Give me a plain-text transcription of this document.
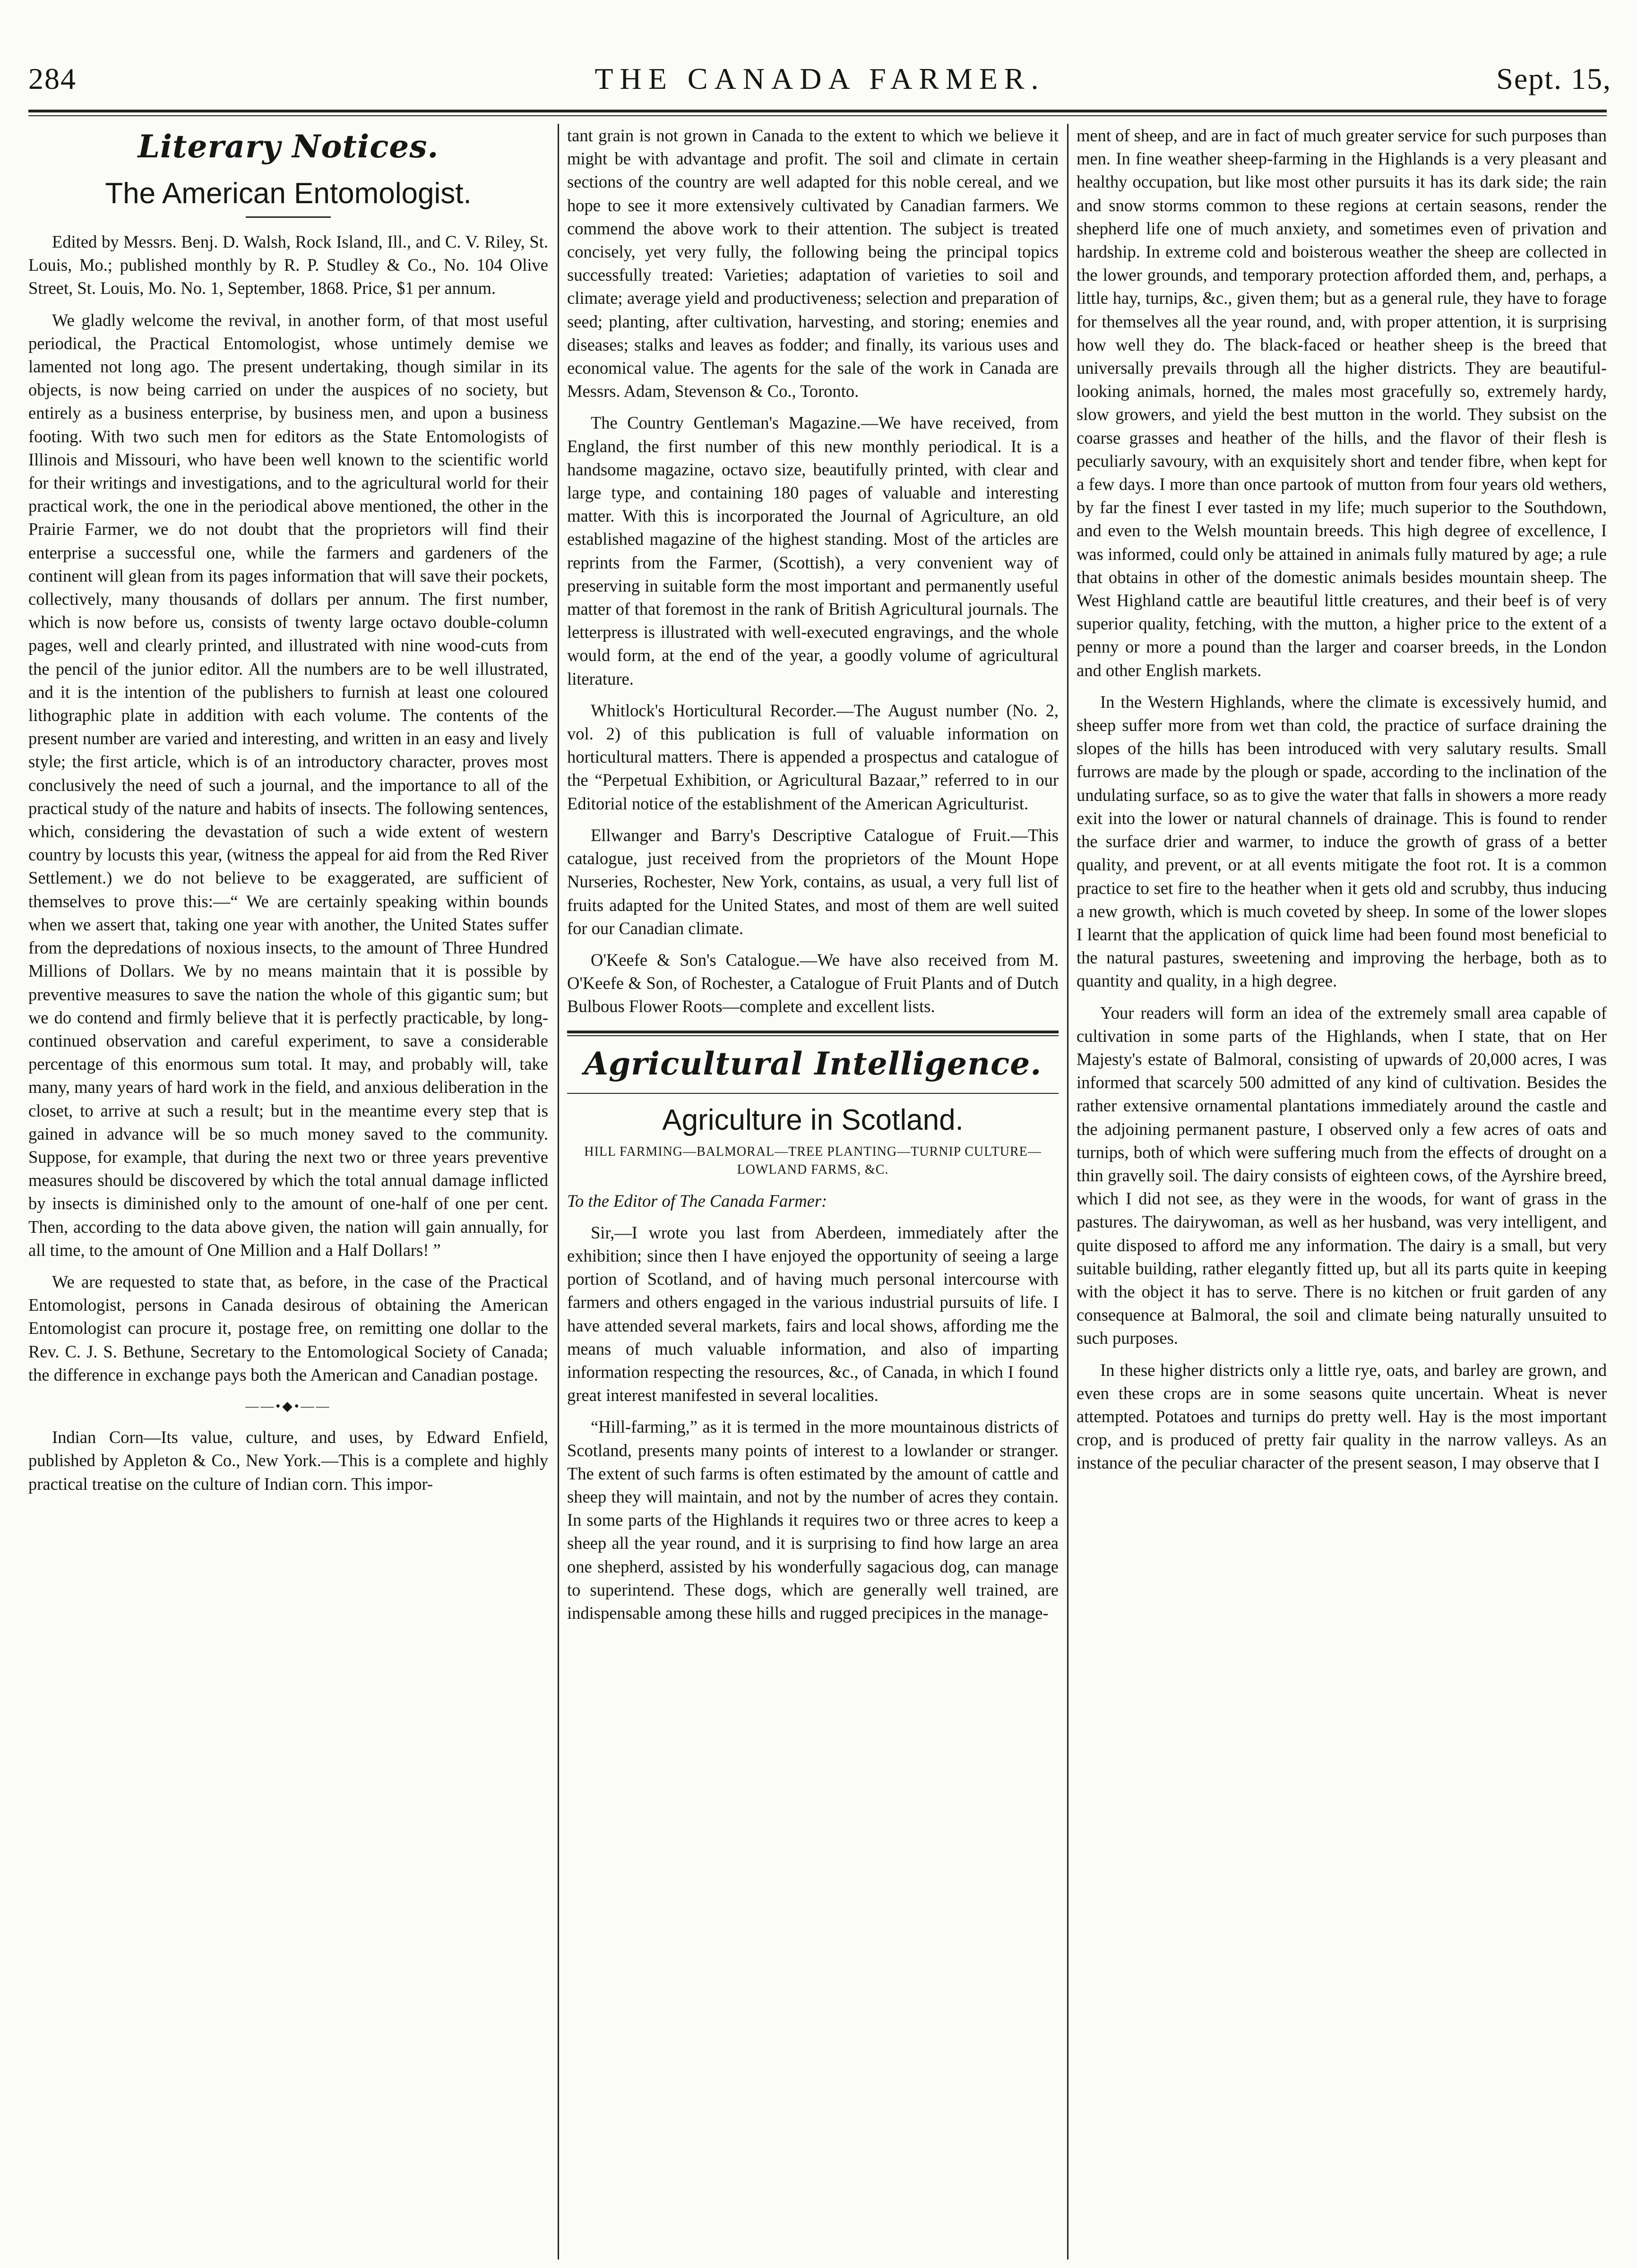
284	THE CANADA FARMER.	Sept. 15,
Literary Notices.
The American Entomologist.

Edited by Messrs. Benj. D. Walsh, Rock Island, Ill., and C. V. Riley, St. Louis, Mo.; published monthly by R. P. Studley & Co., No. 104 Olive Street, St. Louis, Mo. No. 1, September, 1868. Price, $1 per annum.

We gladly welcome the revival, in another form, of that most useful periodical, the Practical Entomologist, whose untimely demise we lamented not long ago. The present undertaking, though similar in its objects, is now being carried on under the auspices of no society, but entirely as a business enterprise, by business men, and upon a business footing. With two such men for editors as the State Entomologists of Illinois and Missouri, who have been well known to the scientific world for their writings and investigations, and to the agricultural world for their practical work, the one in the periodical above mentioned, the other in the Prairie Farmer, we do not doubt that the proprietors will find their enterprise a successful one, while the farmers and gardeners of the continent will glean from its pages information that will save their pockets, collectively, many thousands of dollars per annum. The first number, which is now before us, consists of twenty large octavo double-column pages, well and clearly printed, and illustrated with nine wood-cuts from the pencil of the junior editor. All the numbers are to be well illustrated, and it is the intention of the publishers to furnish at least one coloured lithographic plate in addition with each volume. The contents of the present number are varied and interesting, and written in an easy and lively style; the first article, which is of an introductory character, proves most conclusively the need of such a journal, and the importance to all of the practical study of the nature and habits of insects. The following sentences, which, considering the devastation of such a wide extent of western country by locusts this year, (witness the appeal for aid from the Red River Settlement.) we do not believe to be exaggerated, are sufficient of themselves to prove this:—“ We are certainly speaking within bounds when we assert that, taking one year with another, the United States suffer from the depredations of noxious insects, to the amount of Three Hundred Millions of Dollars. We by no means maintain that it is possible by preventive measures to save the nation the whole of this gigantic sum; but we do contend and firmly believe that it is perfectly practicable, by long-continued observation and careful experiment, to save a considerable percentage of this enormous sum total. It may, and probably will, take many, many years of hard work in the field, and anxious deliberation in the closet, to arrive at such a result; but in the meantime every step that is gained in advance will be so much money saved to the community. Suppose, for example, that during the next two or three years preventive measures should be discovered by which the total annual damage inflicted by insects is diminished only to the amount of one-half of one per cent. Then, according to the data above given, the nation will gain annually, for all time, to the amount of One Million and a Half Dollars! ”

We are requested to state that, as before, in the case of the Practical Entomologist, persons in Canada desirous of obtaining the American Entomologist can procure it, postage free, on remitting one dollar to the Rev. C. J. S. Bethune, Secretary to the Entomological Society of Canada; the difference in exchange pays both the American and Canadian postage.

——•◆•——

Indian Corn—Its value, culture, and uses, by Edward Enfield, published by Appleton & Co., New York.—This is a complete and highly practical treatise on the culture of Indian corn. This impor-

tant grain is not grown in Canada to the extent to which we believe it might be with advantage and profit. The soil and climate in certain sections of the country are well adapted for this noble cereal, and we hope to see it more extensively cultivated by Canadian farmers. We commend the above work to their attention. The subject is treated concisely, yet very fully, the following being the principal topics successfully treated: Varieties; adaptation of varieties to soil and climate; average yield and productiveness; selection and preparation of seed; planting, after cultivation, harvesting, and storing; enemies and diseases; stalks and leaves as fodder; and finally, its various uses and economical value. The agents for the sale of the work in Canada are Messrs. Adam, Stevenson & Co., Toronto.

The Country Gentleman's Magazine.—We have received, from England, the first number of this new monthly periodical. It is a handsome magazine, octavo size, beautifully printed, with clear and large type, and containing 180 pages of valuable and interesting matter. With this is incorporated the Journal of Agriculture, an old established magazine of the highest standing. Most of the articles are reprints from the Farmer, (Scottish), a very convenient way of preserving in suitable form the most important and permanently useful matter of that foremost in the rank of British Agricultural journals. The letterpress is illustrated with well-executed engravings, and the whole would form, at the end of the year, a goodly volume of agricultural literature.

Whitlock's Horticultural Recorder.—The August number (No. 2, vol. 2) of this publication is full of valuable information on horticultural matters. There is appended a prospectus and catalogue of the “Perpetual Exhibition, or Agricultural Bazaar,” referred to in our Editorial notice of the establishment of the American Agriculturist.

Ellwanger and Barry's Descriptive Catalogue of Fruit.—This catalogue, just received from the proprietors of the Mount Hope Nurseries, Rochester, New York, contains, as usual, a very full list of fruits adapted for the United States, and most of them are well suited for our Canadian climate.

O'Keefe & Son's Catalogue.—We have also received from M. O'Keefe & Son, of Rochester, a Catalogue of Fruit Plants and of Dutch Bulbous Flower Roots—complete and excellent lists.

Agricultural Intelligence.
Agriculture in Scotland.
HILL FARMING—BALMORAL—TREE PLANTING—TURNIP CULTURE—LOWLAND FARMS, &C.

To the Editor of The Canada Farmer:

Sir,—I wrote you last from Aberdeen, immediately after the exhibition; since then I have enjoyed the opportunity of seeing a large portion of Scotland, and of having much personal intercourse with farmers and others engaged in the various industrial pursuits of life. I have attended several markets, fairs and local shows, affording me the means of much valuable information, and also of imparting information respecting the resources, &c., of Canada, in which I found great interest manifested in several localities.

“Hill-farming,” as it is termed in the more mountainous districts of Scotland, presents many points of interest to a lowlander or stranger. The extent of such farms is often estimated by the amount of cattle and sheep they will maintain, and not by the number of acres they contain. In some parts of the Highlands it requires two or three acres to keep a sheep all the year round, and it is surprising to find how large an area one shepherd, assisted by his wonderfully sagacious dog, can manage to superintend. These dogs, which are generally well trained, are indispensable among these hills and rugged precipices in the manage-

ment of sheep, and are in fact of much greater service for such purposes than men. In fine weather sheep-farming in the Highlands is a very pleasant and healthy occupation, but like most other pursuits it has its dark side; the rain and snow storms common to these regions at certain seasons, render the shepherd life one of much anxiety, and sometimes even of privation and hardship. In extreme cold and boisterous weather the sheep are collected in the lower grounds, and temporary protection afforded them, and, perhaps, a little hay, turnips, &c., given them; but as a general rule, they have to forage for themselves all the year round, and, with proper attention, it is surprising how well they do. The black-faced or heather sheep is the breed that universally prevails through all the higher districts. They are beautiful-looking animals, horned, the males most gracefully so, extremely hardy, slow growers, and yield the best mutton in the world. They subsist on the coarse grasses and heather of the hills, and the flavor of their flesh is peculiarly savoury, with an exquisitely short and tender fibre, when kept for a few days. I more than once partook of mutton from four years old wethers, by far the finest I ever tasted in my life; much superior to the Southdown, and even to the Welsh mountain breeds. This high degree of excellence, I was informed, could only be attained in animals fully matured by age; a rule that obtains in other of the domestic animals besides mountain sheep. The West Highland cattle are beautiful little creatures, and their beef is of very superior quality, fetching, with the mutton, a higher price to the extent of a penny or more a pound than the larger and coarser breeds, in the London and other English markets.

In the Western Highlands, where the climate is excessively humid, and sheep suffer more from wet than cold, the practice of surface draining the slopes of the hills has been introduced with very salutary results. Small furrows are made by the plough or spade, according to the inclination of the undulating surface, so as to give the water that falls in showers a more ready exit into the lower or natural channels of drainage. This is found to render the surface drier and warmer, to induce the growth of grass of a better quality, and prevent, or at all events mitigate the foot rot. It is a common practice to set fire to the heather when it gets old and scrubby, thus inducing a new growth, which is much coveted by sheep. In some of the lower slopes I learnt that the application of quick lime had been found most beneficial to the natural pastures, sweetening and improving the herbage, both as to quantity and quality, in a high degree.

Your readers will form an idea of the extremely small area capable of cultivation in some parts of the Highlands, when I state, that on Her Majesty's estate of Balmoral, consisting of upwards of 20,000 acres, I was informed that scarcely 500 admitted of any kind of cultivation. Besides the rather extensive ornamental plantations immediately around the castle and the adjoining permanent pasture, I observed only a few acres of oats and turnips, both of which were suffering much from the effects of drought on a thin gravelly soil. The dairy consists of eighteen cows, of the Ayrshire breed, which I did not see, as they were in the woods, for want of grass in the pastures. The dairywoman, as well as her husband, was very intelligent, and quite disposed to afford me any information. The dairy is a small, but very suitable building, rather elegantly fitted up, but all its parts quite in keeping with the object it has to serve. There is no kitchen or fruit garden of any consequence at Balmoral, the soil and climate being naturally unsuited to such purposes.

In these higher districts only a little rye, oats, and barley are grown, and even these crops are in some seasons quite uncertain. Wheat is never attempted. Potatoes and turnips do pretty well. Hay is the most important crop, and is produced of pretty fair quality in the narrow valleys. As an instance of the peculiar character of the present season, I may observe that I
